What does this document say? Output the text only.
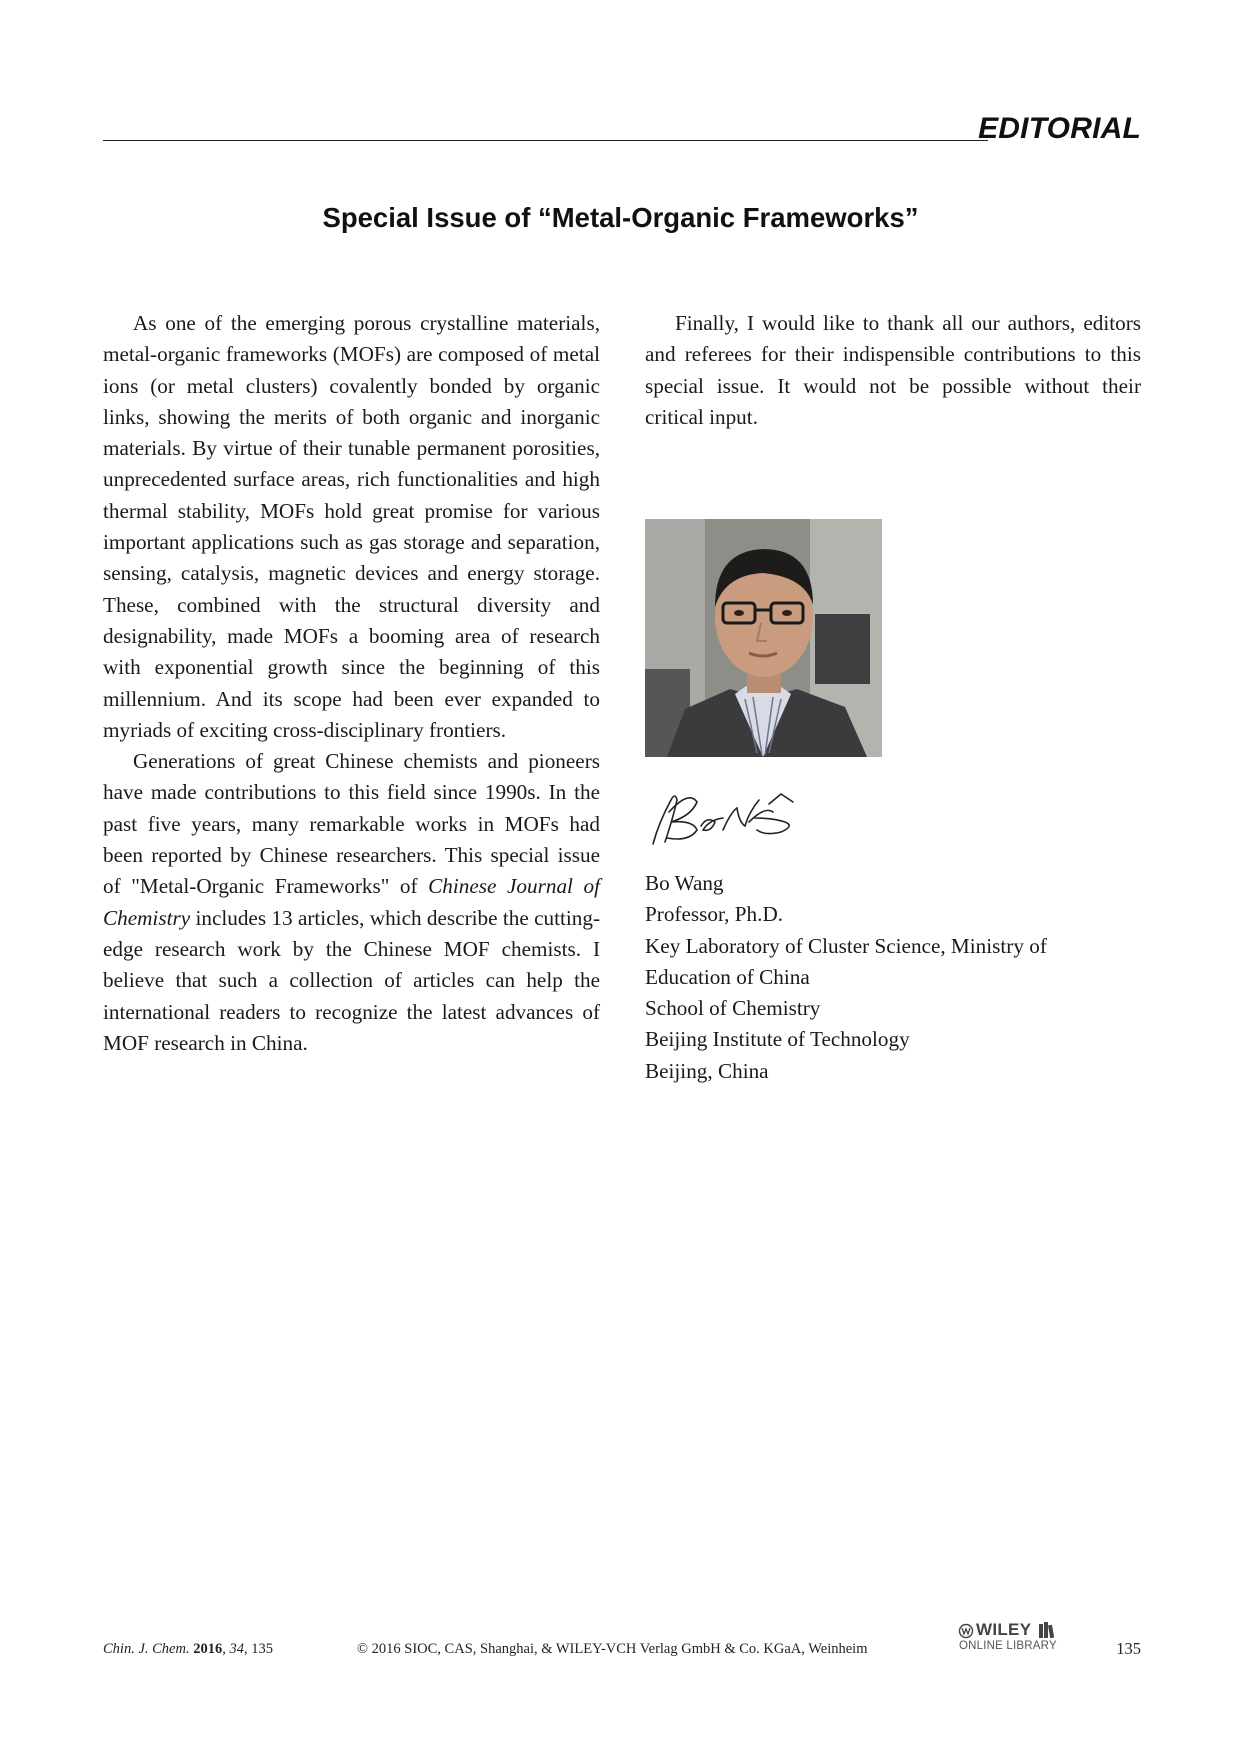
EDITORIAL
Special Issue of “Metal-Organic Frameworks”

As one of the emerging porous crystalline materials, metal-organic frameworks (MOFs) are composed of metal ions (or metal clusters) covalently bonded by organic links, showing the merits of both organic and inorganic materials. By virtue of their tunable permanent porosities, unprecedented surface areas, rich functionalities and high thermal stability, MOFs hold great promise for various important applications such as gas storage and separation, sensing, catalysis, magnetic devices and energy storage. These, combined with the structural diversity and designability, made MOFs a booming area of research with exponential growth since the beginning of this millennium. And its scope had been ever expanded to myriads of exciting cross-disciplinary frontiers.

Generations of great Chinese chemists and pioneers have made contributions to this field since 1990s. In the past five years, many remarkable works in MOFs had been reported by Chinese researchers. This special issue of "Metal-Organic Frameworks" of Chinese Journal of Chemistry includes 13 articles, which describe the cutting-edge research work by the Chinese MOF chemists. I believe that such a collection of articles can help the international readers to recognize the latest advances of MOF research in China.

Finally, I would like to thank all our authors, editors and referees for their indispensible contributions to this special issue. It would not be possible without their critical input.

Bo Wang
Professor, Ph.D.
Key Laboratory of Cluster Science, Ministry of
Education of China
School of Chemistry
Beijing Institute of Technology
Beijing, China
Chin. J. Chem. 2016, 34, 135	© 2016 SIOC, CAS, Shanghai, & WILEY-VCH Verlag GmbH & Co. KGaA, Weinheim
WILEY
ONLINE LIBRARY	135
